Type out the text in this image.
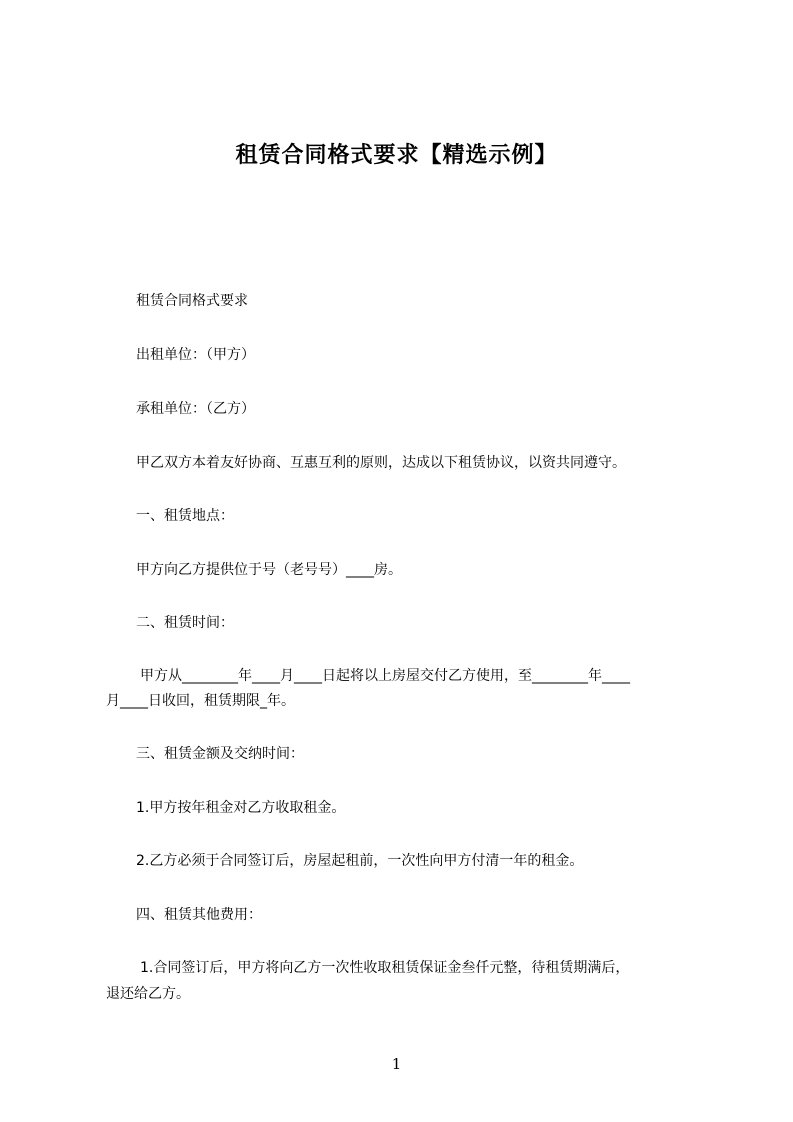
租赁合同格式要求【精选示例】
租赁合同格式要求
出租单位：（甲方）
承租单位：（乙方）
甲乙双方本着友好协商、互惠互利的原则，达成以下租赁协议，以资共同遵守。
一、租赁地点：
甲方向乙方提供位于号（老号号）____房。
二、租赁时间：
甲方从________年____月____日起将以上房屋交付乙方使用，至________年____
月____日收回，租赁期限_年。
三、租赁金额及交纳时间：
1.甲方按年租金对乙方收取租金。
2.乙方必须于合同签订后，房屋起租前，一次性向甲方付清一年的租金。
四、租赁其他费用：
1.合同签订后，甲方将向乙方一次性收取租赁保证金叁仟元整，待租赁期满后，
退还给乙方。
1
